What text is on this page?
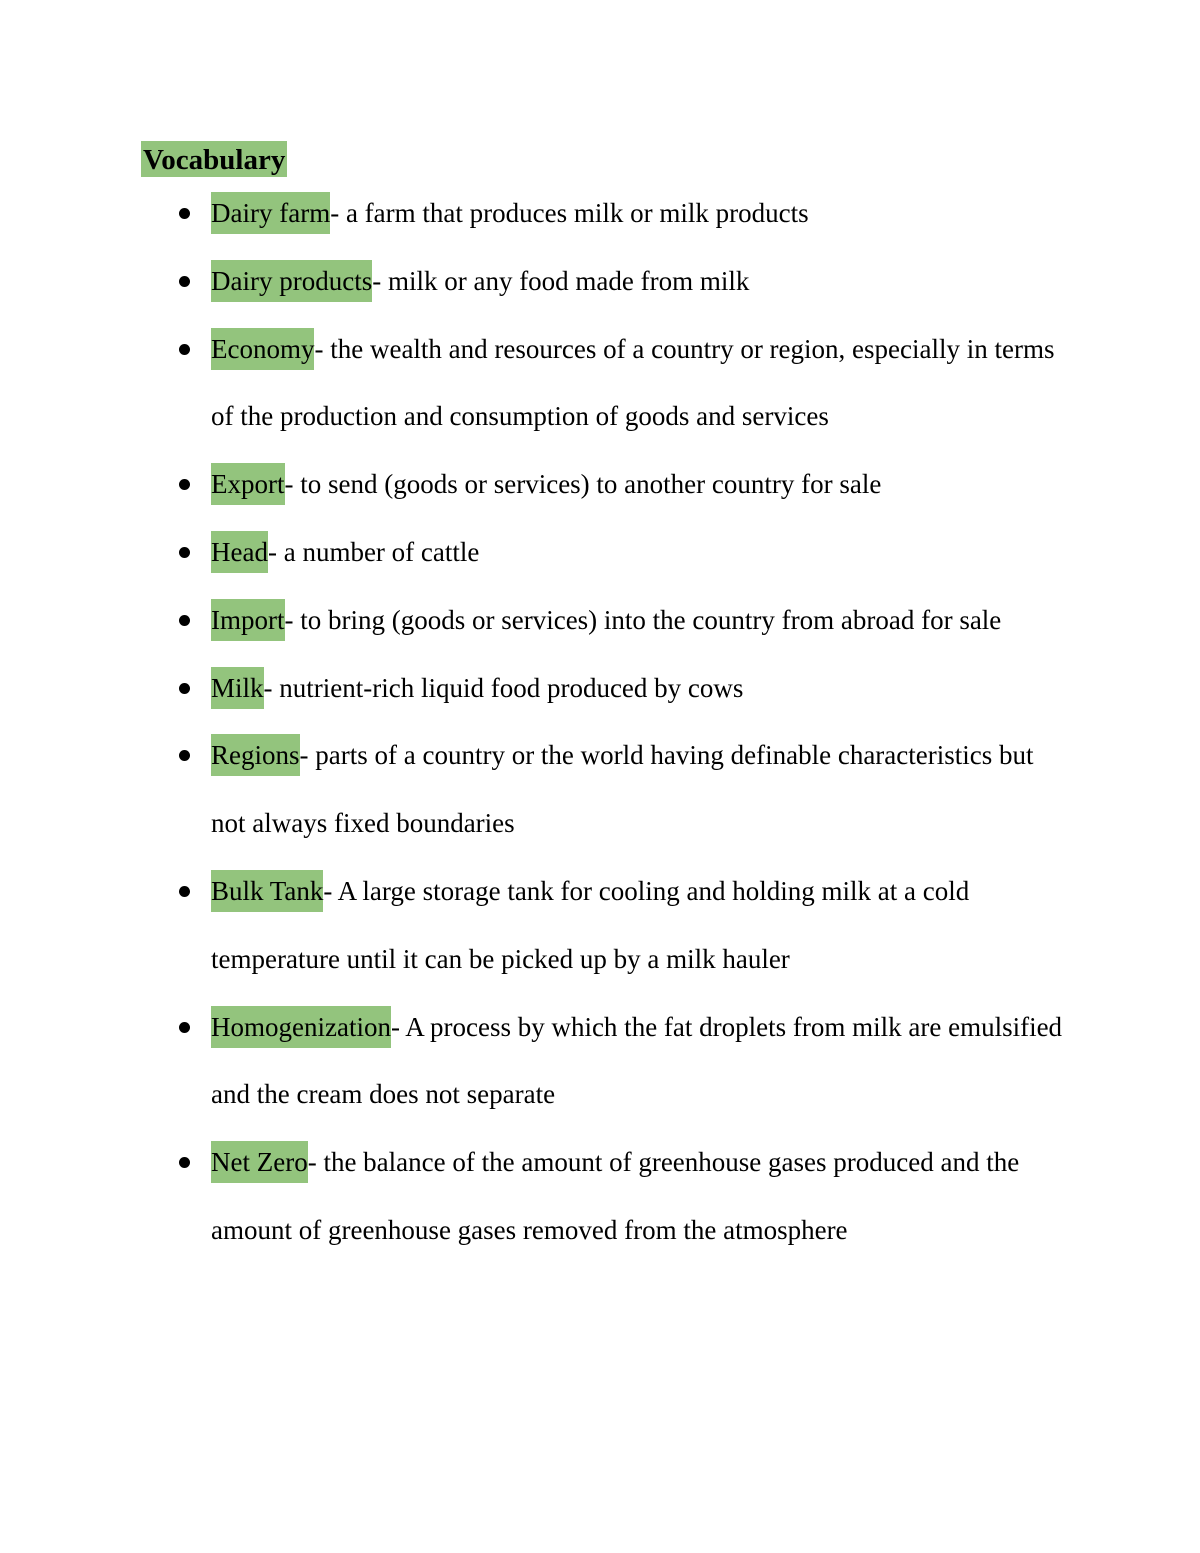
Vocabulary
Dairy farm- a farm that produces milk or milk products
Dairy products- milk or any food made from milk
Economy- the wealth and resources of a country or region, especially in terms of the production and consumption of goods and services
Export- to send (goods or services) to another country for sale
Head- a number of cattle
Import- to bring (goods or services) into the country from abroad for sale
Milk- nutrient-rich liquid food produced by cows
Regions- parts of a country or the world having definable characteristics but not always fixed boundaries
Bulk Tank- A large storage tank for cooling and holding milk at a cold temperature until it can be picked up by a milk hauler
Homogenization- A process by which the fat droplets from milk are emulsified and the cream does not separate
Net Zero- the balance of the amount of greenhouse gases produced and the amount of greenhouse gases removed from the atmosphere
